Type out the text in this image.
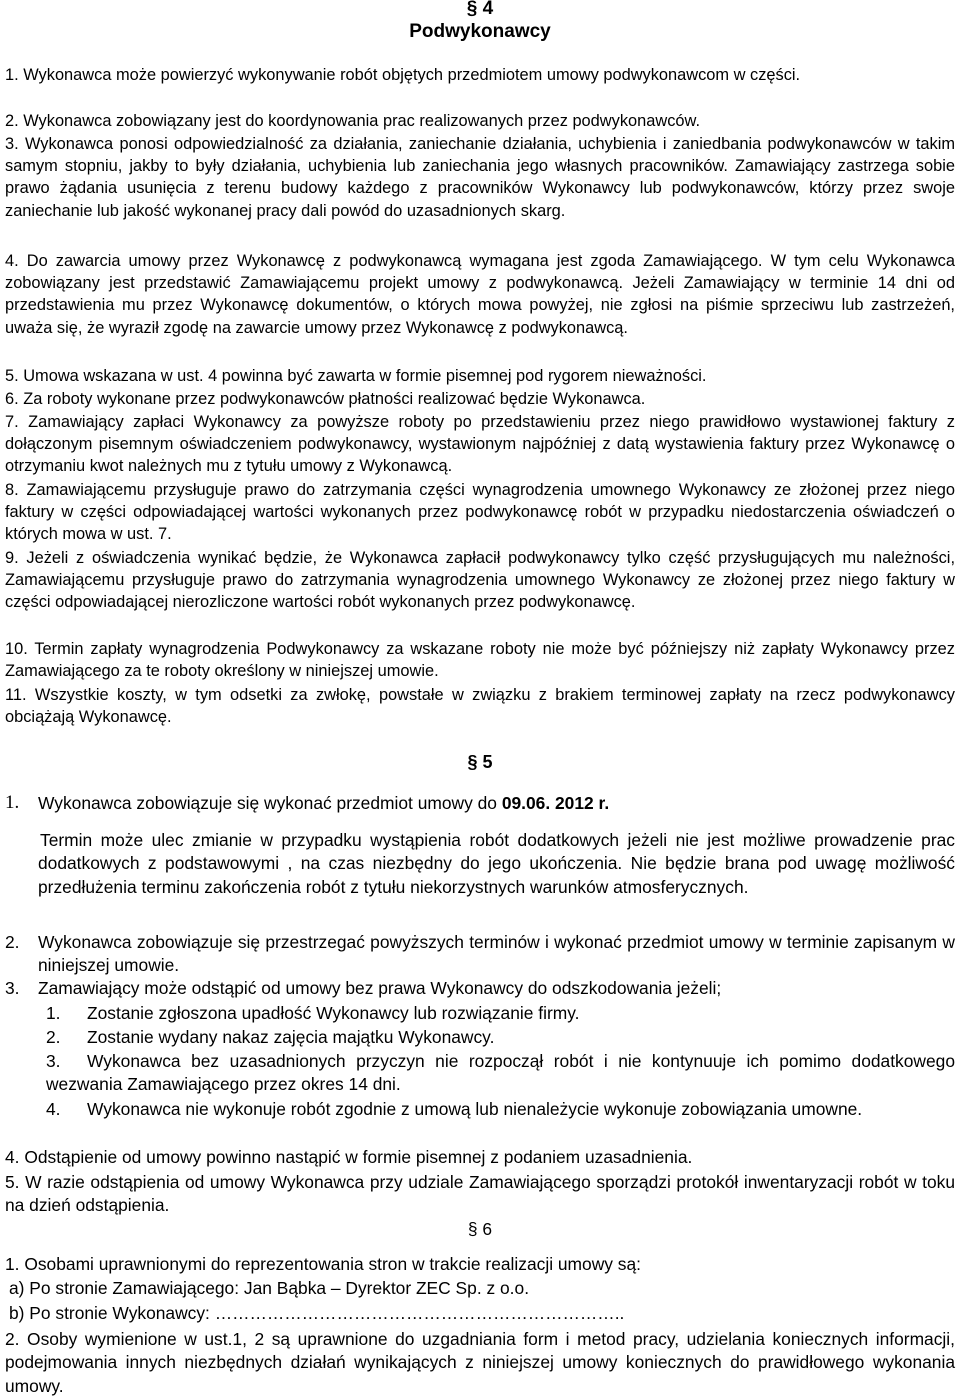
§ 4
Podwykonawcy
1. Wykonawca może powierzyć wykonywanie robót objętych przedmiotem umowy podwykonawcom w części.
2. Wykonawca zobowiązany jest do koordynowania prac realizowanych przez podwykonawców.
3. Wykonawca ponosi odpowiedzialność za działania, zaniechanie działania, uchybienia i zaniedbania podwykonawców w takim samym stopniu, jakby to były działania, uchybienia lub zaniechania jego własnych pracowników. Zamawiający zastrzega sobie prawo żądania usunięcia z terenu budowy każdego z pracowników Wykonawcy lub podwykonawców, którzy przez swoje zaniechanie lub jakość wykonanej pracy dali powód do uzasadnionych skarg.
4. Do zawarcia umowy przez Wykonawcę z podwykonawcą wymagana jest zgoda Zamawiającego. W tym celu Wykonawca zobowiązany jest przedstawić Zamawiającemu projekt umowy z podwykonawcą. Jeżeli Zamawiający w terminie 14 dni od przedstawienia mu przez Wykonawcę dokumentów, o których mowa powyżej, nie zgłosi na piśmie sprzeciwu lub zastrzeżeń, uważa się, że wyraził zgodę na zawarcie umowy przez Wykonawcę z podwykonawcą.
5. Umowa wskazana w ust. 4 powinna być zawarta w formie pisemnej pod rygorem nieważności.
6. Za roboty wykonane przez podwykonawców płatności realizować będzie Wykonawca.
7. Zamawiający zapłaci Wykonawcy za powyższe roboty po przedstawieniu przez niego prawidłowo wystawionej faktury z dołączonym pisemnym oświadczeniem podwykonawcy, wystawionym najpóźniej z datą wystawienia faktury przez Wykonawcę o otrzymaniu kwot należnych mu z tytułu umowy z Wykonawcą.
8. Zamawiającemu przysługuje prawo do zatrzymania części wynagrodzenia umownego Wykonawcy ze złożonej przez niego faktury w części odpowiadającej wartości wykonanych przez podwykonawcę robót w przypadku niedostarczenia oświadczeń o których mowa w ust. 7.
9. Jeżeli z oświadczenia wynikać będzie, że Wykonawca zapłacił podwykonawcy tylko część przysługujących mu należności, Zamawiającemu przysługuje prawo do zatrzymania wynagrodzenia umownego Wykonawcy ze złożonej przez niego faktury w części odpowiadającej nierozliczone wartości robót wykonanych przez podwykonawcę.
10. Termin zapłaty wynagrodzenia Podwykonawcy za wskazane roboty nie może być późniejszy niż zapłaty Wykonawcy przez Zamawiającego za te roboty określony w niniejszej umowie.
11. Wszystkie koszty, w tym odsetki za zwłokę, powstałe w związku z brakiem terminowej zapłaty na rzecz podwykonawcy obciążają Wykonawcę.
§ 5
1. Wykonawca zobowiązuje się wykonać przedmiot umowy do 09.06. 2012 r.
Termin może ulec zmianie w przypadku wystąpienia robót dodatkowych jeżeli nie jest możliwe prowadzenie prac dodatkowych z podstawowymi , na czas niezbędny do jego ukończenia. Nie będzie brana pod uwagę możliwość przedłużenia terminu zakończenia robót z tytułu niekorzystnych warunków atmosferycznych.
2. Wykonawca zobowiązuje się przestrzegać powyższych terminów i wykonać przedmiot umowy w terminie zapisanym w niniejszej umowie.
3. Zamawiający może odstąpić od umowy bez prawa Wykonawcy do odszkodowania jeżeli;
1. Zostanie zgłoszona upadłość Wykonawcy lub rozwiązanie firmy.
2. Zostanie wydany nakaz zajęcia majątku Wykonawcy.
3.	Wykonawca bez uzasadnionych przyczyn nie rozpoczął robót i nie kontynuuje ich pomimo dodatkowego wezwania Zamawiającego przez okres 14 dni.
4.	Wykonawca nie wykonuje robót zgodnie z umową lub nienależycie wykonuje zobowiązania umowne.
4. Odstąpienie od umowy powinno nastąpić w formie pisemnej z podaniem uzasadnienia.
5. W razie odstąpienia od umowy Wykonawca przy udziale Zamawiającego sporządzi protokół inwentaryzacji robót w toku na dzień odstąpienia.
§ 6
1. Osobami uprawnionymi do reprezentowania stron w trakcie realizacji umowy są:
a) Po stronie Zamawiającego: Jan Bąbka – Dyrektor ZEC Sp. z o.o.
b) Po stronie Wykonawcy: ……………………………………………………………..
2. Osoby wymienione w ust.1, 2 są uprawnione do uzgadniania form i metod pracy, udzielania koniecznych informacji, podejmowania innych niezbędnych działań wynikających z niniejszej umowy koniecznych do prawidłowego wykonania umowy.
